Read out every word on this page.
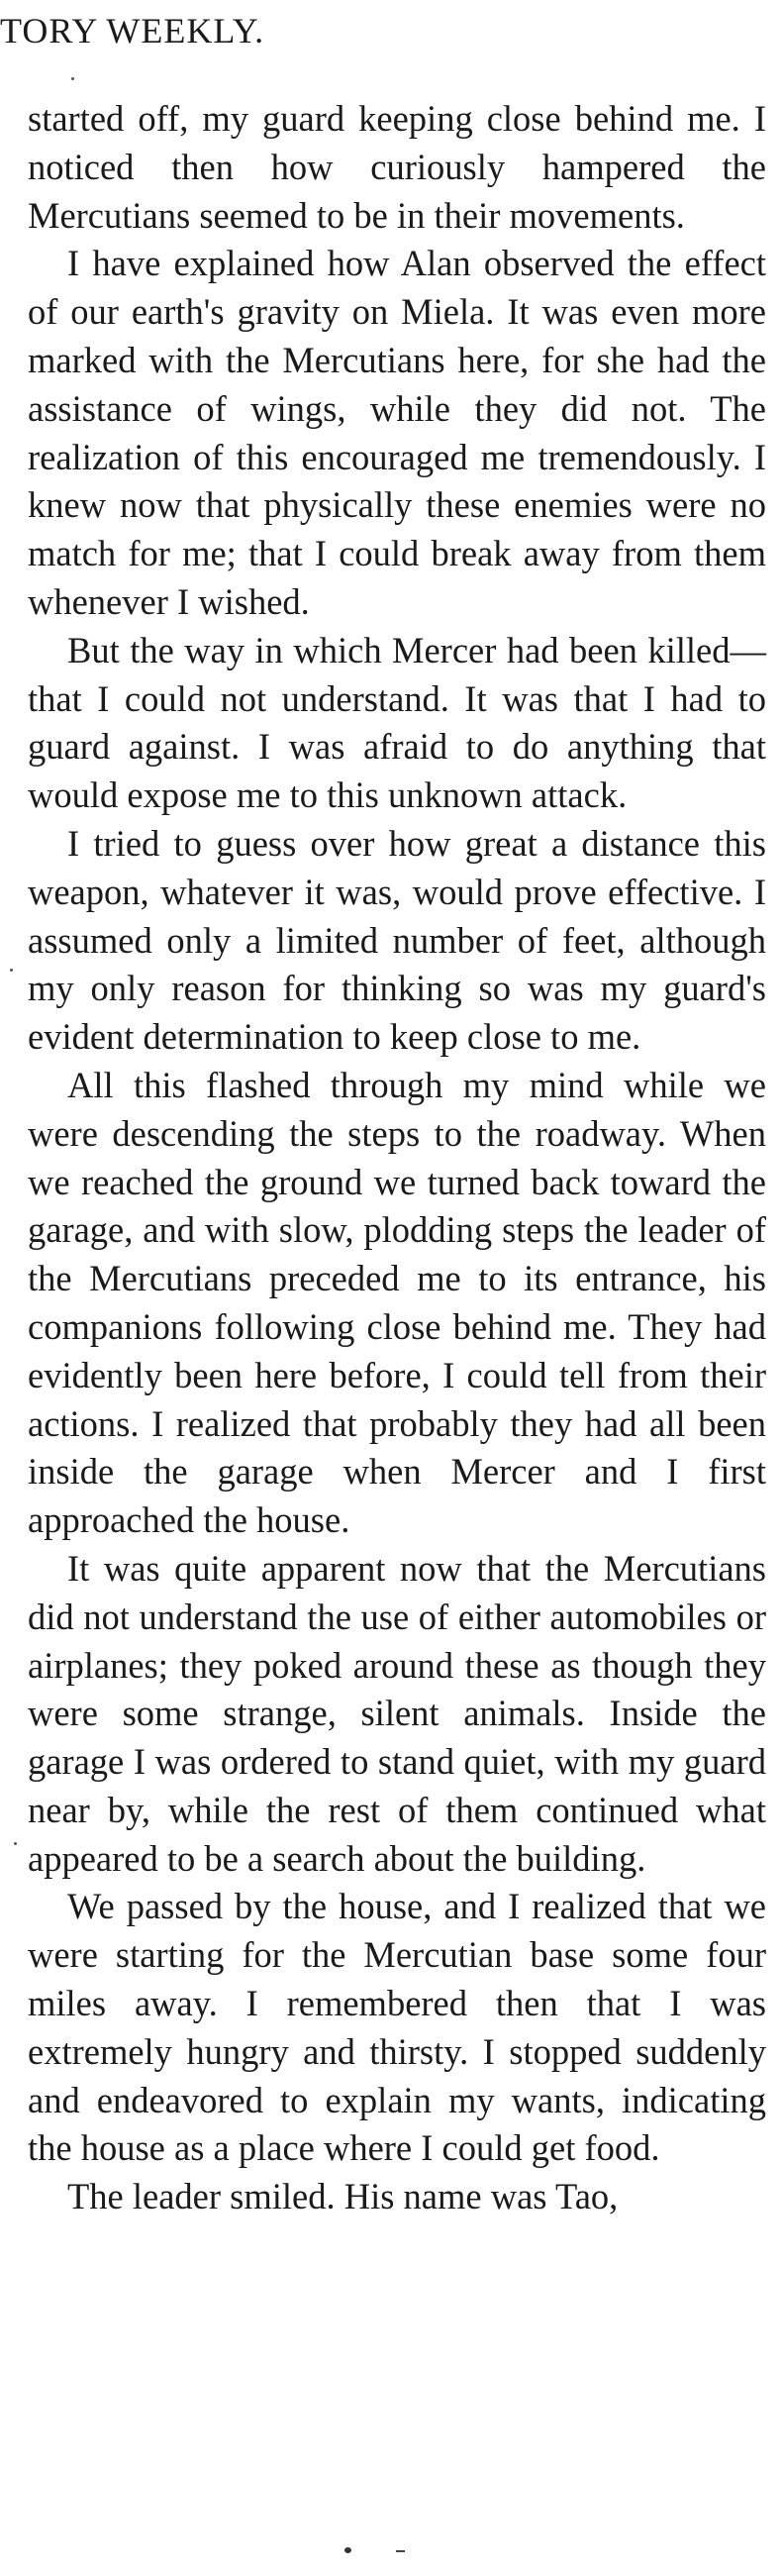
TORY WEEKLY.

started off, my guard keeping close behind me. I noticed then how curiously hampered the Mercutians seemed to be in their movements.

I have explained how Alan observed the effect of our earth's gravity on Miela. It was even more marked with the Mercutians here, for she had the assistance of wings, while they did not. The realization of this encouraged me tremendously. I knew now that physically these enemies were no match for me; that I could break away from them whenever I wished.

But the way in which Mercer had been killed—that I could not understand. It was that I had to guard against. I was afraid to do anything that would expose me to this unknown attack.

I tried to guess over how great a distance this weapon, whatever it was, would prove effective. I assumed only a limited number of feet, although my only reason for thinking so was my guard's evident determination to keep close to me.

All this flashed through my mind while we were descending the steps to the roadway. When we reached the ground we turned back toward the garage, and with slow, plodding steps the leader of the Mercutians preceded me to its entrance, his companions following close behind me. They had evidently been here before, I could tell from their actions. I realized that probably they had all been inside the garage when Mercer and I first approached the house.

It was quite apparent now that the Mercutians did not understand the use of either automobiles or airplanes; they poked around these as though they were some strange, silent animals. Inside the garage I was ordered to stand quiet, with my guard near by, while the rest of them continued what appeared to be a search about the building.

We passed by the house, and I realized that we were starting for the Mercutian base some four miles away. I remembered then that I was extremely hungry and thirsty. I stopped suddenly and endeavored to explain my wants, indicating the house as a place where I could get food.

The leader smiled. His name was Tao,
